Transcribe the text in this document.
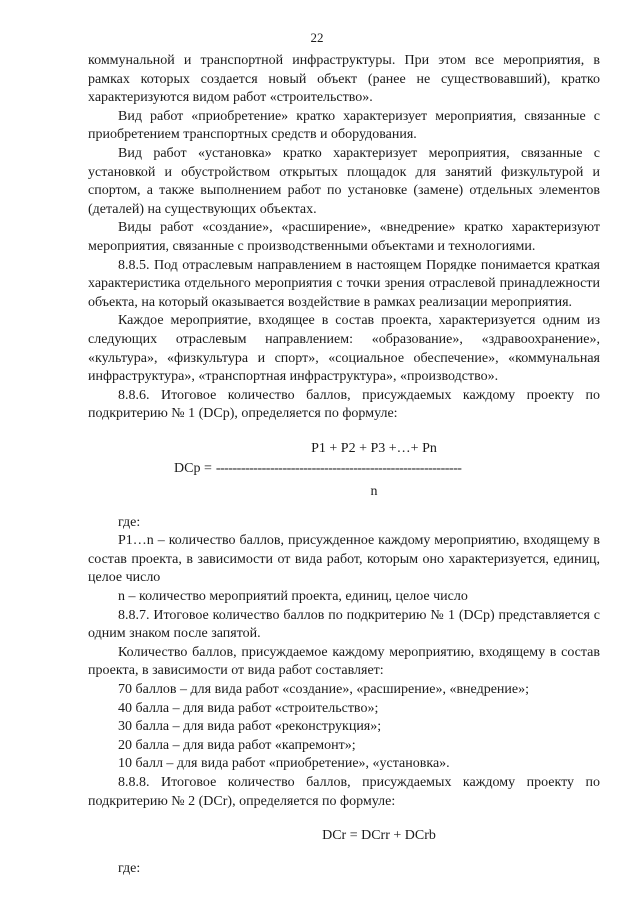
22

коммунальной и транспортной инфраструктуры. При этом все мероприятия, в рамках которых создается новый объект (ранее не существовавший), кратко характеризуются видом работ «строительство».

Вид работ «приобретение» кратко характеризует мероприятия, связанные с приобретением транспортных средств и оборудования.

Вид работ «установка» кратко характеризует мероприятия, связанные с установкой и обустройством открытых площадок для занятий физкультурой и спортом, а также выполнением работ по установке (замене) отдельных элементов (деталей) на существующих объектах.

Виды работ «создание», «расширение», «внедрение» кратко характеризуют мероприятия, связанные с производственными объектами и технологиями.

8.8.5. Под отраслевым направлением в настоящем Порядке понимается краткая характеристика отдельного мероприятия с точки зрения отраслевой принадлежности объекта, на который оказывается воздействие в рамках реализации мероприятия.

Каждое мероприятие, входящее в состав проекта, характеризуется одним из следующих отраслевым направлением: «образование», «здравоохранение», «культура», «физкультура и спорт», «социальное обеспечение», «коммунальная инфраструктура», «транспортная инфраструктура», «производство».

8.8.6. Итоговое количество баллов, присуждаемых каждому проекту по подкритерию № 1 (DCp), определяется по формуле:

P1 + P2 + P3 +…+ Pn
DCp = -----------------------------------------------------------
n

где:

P1…n – количество баллов, присужденное каждому мероприятию, входящему в состав проекта, в зависимости от вида работ, которым оно характеризуется, единиц, целое число

n – количество мероприятий проекта, единиц, целое число

8.8.7. Итоговое количество баллов по подкритерию № 1 (DCp) представляется с одним знаком после запятой.

Количество баллов, присуждаемое каждому мероприятию, входящему в состав проекта, в зависимости от вида работ составляет:

70 баллов – для вида работ «создание», «расширение», «внедрение»;

40 балла – для вида работ «строительство»;

30 балла – для вида работ «реконструкция»;

20 балла – для вида работ «капремонт»;

10 балл – для вида работ «приобретение», «установка».

8.8.8. Итоговое количество баллов, присуждаемых каждому проекту по подкритерию № 2 (DCr), определяется по формуле:

DCr = DCrr + DCrb

где:
